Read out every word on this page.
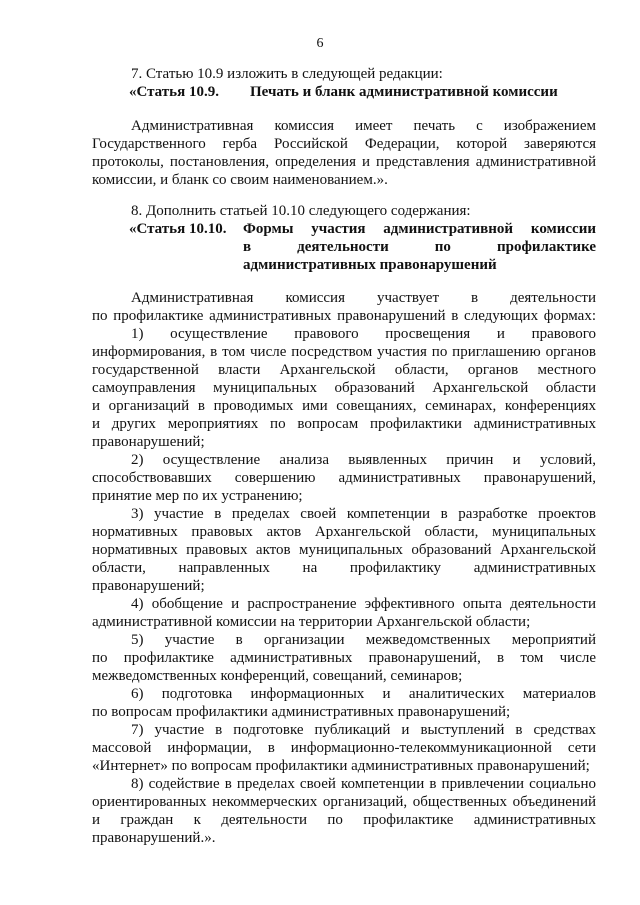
6
7. Статью 10.9 изложить в следующей редакции:
«Статья 10.9. Печать и бланк административной комиссии
Административная комиссия имеет печать с изображением
Государственного герба Российской Федерации, которой заверяются
протоколы, постановления, определения и представления административной
комиссии, и бланк со своим наименованием.».
8. Дополнить статьей 10.10 следующего содержания:
«Статья 10.10. Формы участия административной комиссии
в деятельности по профилактике
административных правонарушений
Административная комиссия участвует в деятельности
по профилактике административных правонарушений в следующих формах:
1) осуществление правового просвещения и правового
информирования, в том числе посредством участия по приглашению органов
государственной власти Архангельской области, органов местного
самоуправления муниципальных образований Архангельской области
и организаций в проводимых ими совещаниях, семинарах, конференциях
и других мероприятиях по вопросам профилактики административных
правонарушений;
2) осуществление анализа выявленных причин и условий,
способствовавших совершению административных правонарушений,
принятие мер по их устранению;
3) участие в пределах своей компетенции в разработке проектов
нормативных правовых актов Архангельской области, муниципальных
нормативных правовых актов муниципальных образований Архангельской
области, направленных на профилактику административных
правонарушений;
4) обобщение и распространение эффективного опыта деятельности
административной комиссии на территории Архангельской области;
5) участие в организации межведомственных мероприятий
по профилактике административных правонарушений, в том числе
межведомственных конференций, совещаний, семинаров;
6) подготовка информационных и аналитических материалов
по вопросам профилактики административных правонарушений;
7) участие в подготовке публикаций и выступлений в средствах
массовой информации, в информационно-телекоммуникационной сети
«Интернет» по вопросам профилактики административных правонарушений;
8) содействие в пределах своей компетенции в привлечении социально
ориентированных некоммерческих организаций, общественных объединений
и граждан к деятельности по профилактике административных
правонарушений.».
